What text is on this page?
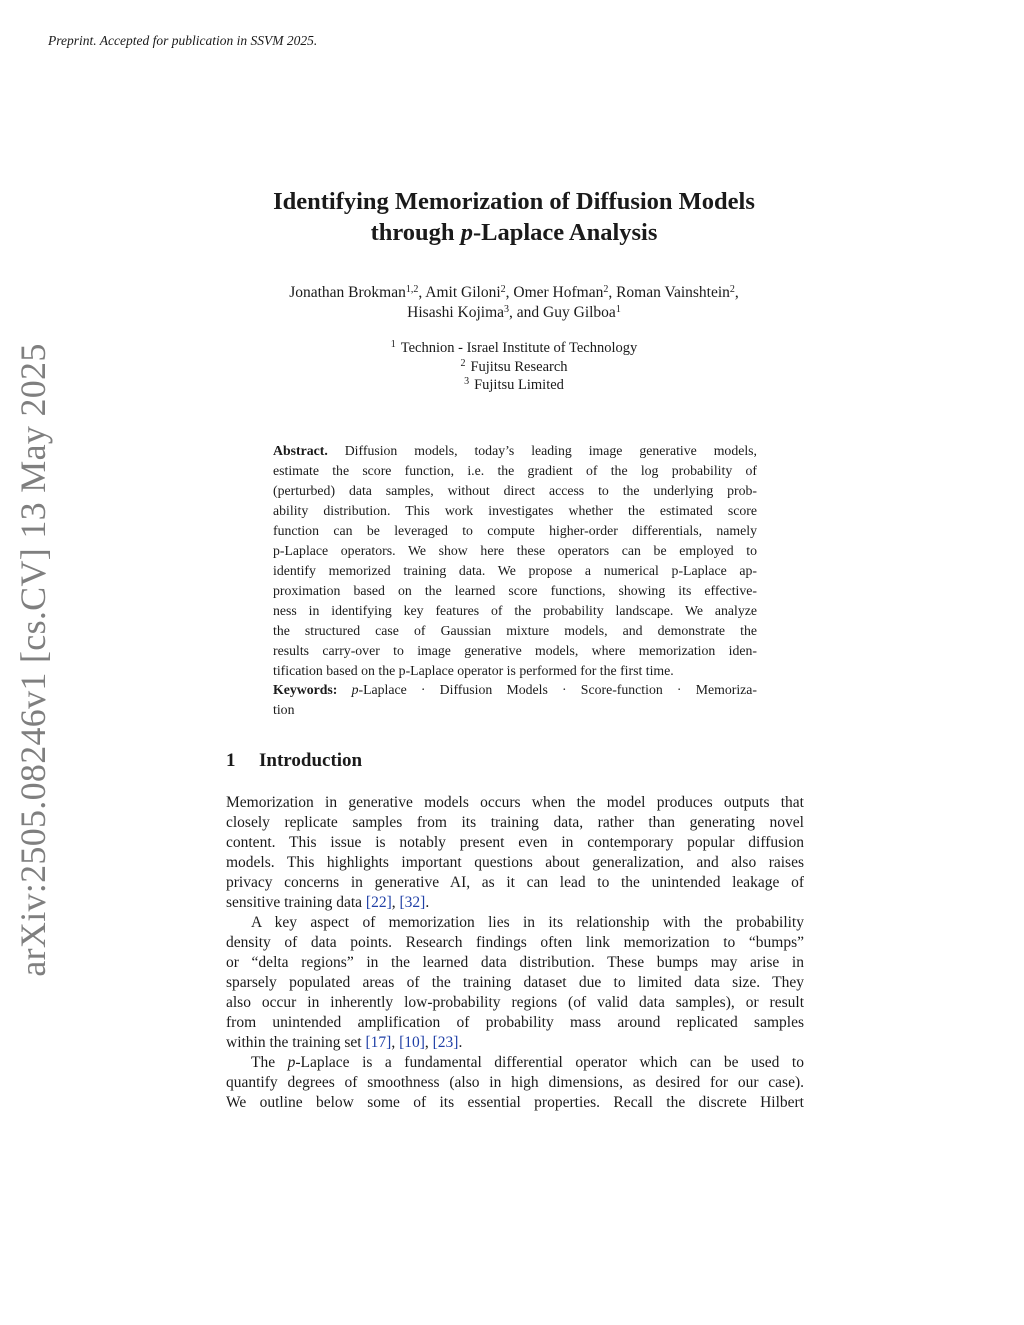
Preprint. Accepted for publication in SSVM 2025.
arXiv:2505.08246v1 [cs.CV] 13 May 2025
Identifying Memorization of Diffusion Models
through p-Laplace Analysis
Jonathan Brokman$^{1,2}$, Amit Giloni$^2$, Omer Hofman$^2$, Roman Vainshtein$^2$,
Hisashi Kojima$^3$, and Guy Gilboa$^1$
$^1$ Technion - Israel Institute of Technology
$^2$ Fujitsu Research
$^3$ Fujitsu Limited
Abstract. Diffusion models, today’s leading image generative models,
estimate the score function, i.e. the gradient of the log probability of
(perturbed) data samples, without direct access to the underlying prob-
ability distribution. This work investigates whether the estimated score
function can be leveraged to compute higher-order differentials, namely
p-Laplace operators. We show here these operators can be employed to
identify memorized training data. We propose a numerical p-Laplace ap-
proximation based on the learned score functions, showing its effective-
ness in identifying key features of the probability landscape. We analyze
the structured case of Gaussian mixture models, and demonstrate the
results carry-over to image generative models, where memorization iden-
tification based on the p-Laplace operator is performed for the first time.
Keywords: p-Laplace · Diffusion Models · Score-function · Memoriza-
tion
1 Introduction
Memorization in generative models occurs when the model produces outputs that
closely replicate samples from its training data, rather than generating novel
content. This issue is notably present even in contemporary popular diffusion
models. This highlights important questions about generalization, and also raises
privacy concerns in generative AI, as it can lead to the unintended leakage of
sensitive training data [22], [32].
A key aspect of memorization lies in its relationship with the probability
density of data points. Research findings often link memorization to “bumps”
or “delta regions” in the learned data distribution. These bumps may arise in
sparsely populated areas of the training dataset due to limited data size. They
also occur in inherently low-probability regions (of valid data samples), or result
from unintended amplification of probability mass around replicated samples
within the training set [17], [10], [23].
The p-Laplace is a fundamental differential operator which can be used to
quantify degrees of smoothness (also in high dimensions, as desired for our case).
We outline below some of its essential properties. Recall the discrete Hilbert
